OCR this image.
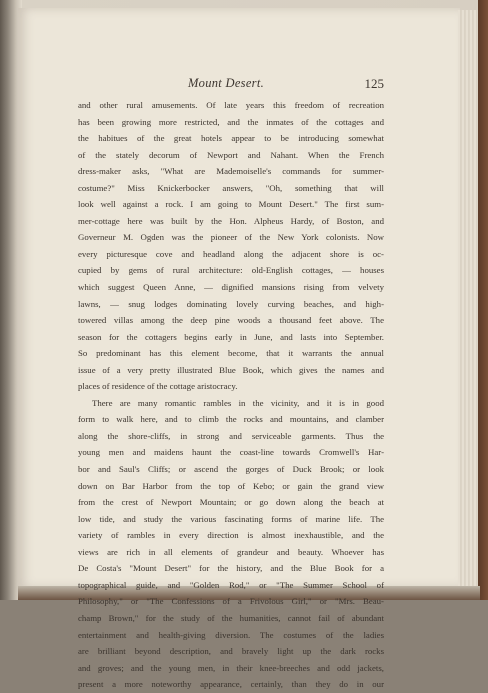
Mount Desert.	125
and other rural amusements. Of late years this freedom of recreation
has been growing more restricted, and the inmates of the cottages and
the habitues of the great hotels appear to be introducing somewhat
of the stately decorum of Newport and Nahant. When the French
dress-maker asks, "What are Mademoiselle's commands for summer-
costume?" Miss Knickerbocker answers, "Oh, something that will
look well against a rock. I am going to Mount Desert." The first sum-
mer-cottage here was built by the Hon. Alpheus Hardy, of Boston, and
Governeur M. Ogden was the pioneer of the New York colonists. Now
every picturesque cove and headland along the adjacent shore is oc-
cupied by gems of rural architecture: old-English cottages, — houses
which suggest Queen Anne, — dignified mansions rising from velvety
lawns, — snug lodges dominating lovely curving beaches, and high-
towered villas among the deep pine woods a thousand feet above. The
season for the cottagers begins early in June, and lasts into September.
So predominant has this element become, that it warrants the annual
issue of a very pretty illustrated Blue Book, which gives the names and
places of residence of the cottage aristocracy.
There are many romantic rambles in the vicinity, and it is in good
form to walk here, and to climb the rocks and mountains, and clamber
along the shore-cliffs, in strong and serviceable garments. Thus the
young men and maidens haunt the coast-line towards Cromwell's Har-
bor and Saul's Cliffs; or ascend the gorges of Duck Brook; or look
down on Bar Harbor from the top of Kebo; or gain the grand view
from the crest of Newport Mountain; or go down along the beach at
low tide, and study the various fascinating forms of marine life. The
variety of rambles in every direction is almost inexhaustible, and the
views are rich in all elements of grandeur and beauty. Whoever has
De Costa's "Mount Desert" for the history, and the Blue Book for a
topographical guide, and "Golden Rod," or "The Summer School of
Philosophy," or "The Confessions of a Frivolous Girl," or "Mrs. Beau-
champ Brown," for the study of the humanities, cannot fail of abundant
entertainment and health-giving diversion. The costumes of the ladies
are brilliant beyond description, and bravely light up the dark rocks
and groves; and the young men, in their knee-breeches and odd jackets,
present a more noteworthy appearance, certainly, than they do in our
